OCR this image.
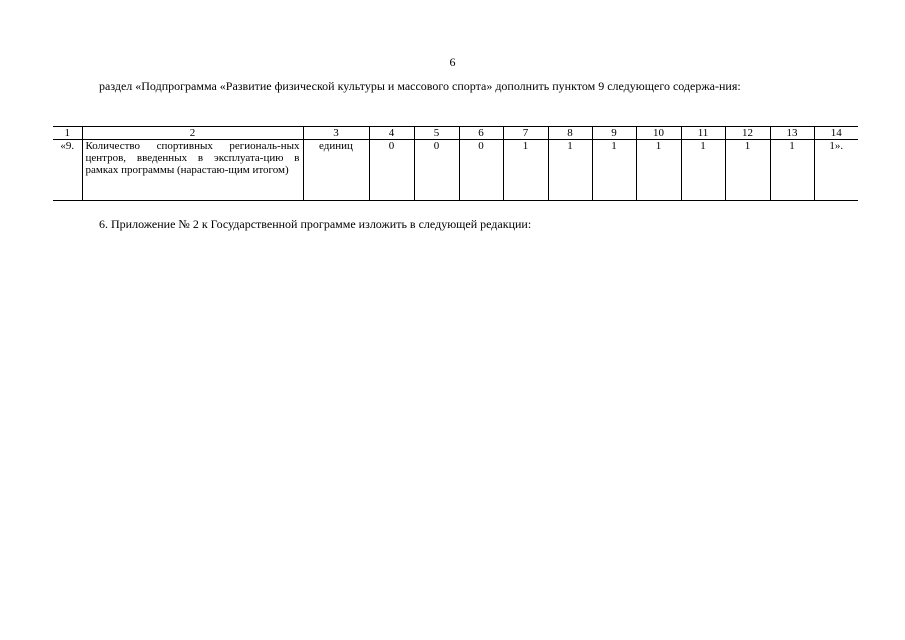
6

раздел «Подпрограмма «Развитие физической культуры и массового спорта» дополнить пунктом 9 следующего содержа-ния:

1	2	3	4	5	6	7	8	9	10	11	12	13	14
«9.	Количество спортивных региональ-ных центров, введенных в эксплуата-цию в рамках программы (нарастаю-щим итогом)	единиц	0	0	0	1	1	1	1	1	1	1	1».

6. Приложение № 2 к Государственной программе изложить в следующей редакции:
